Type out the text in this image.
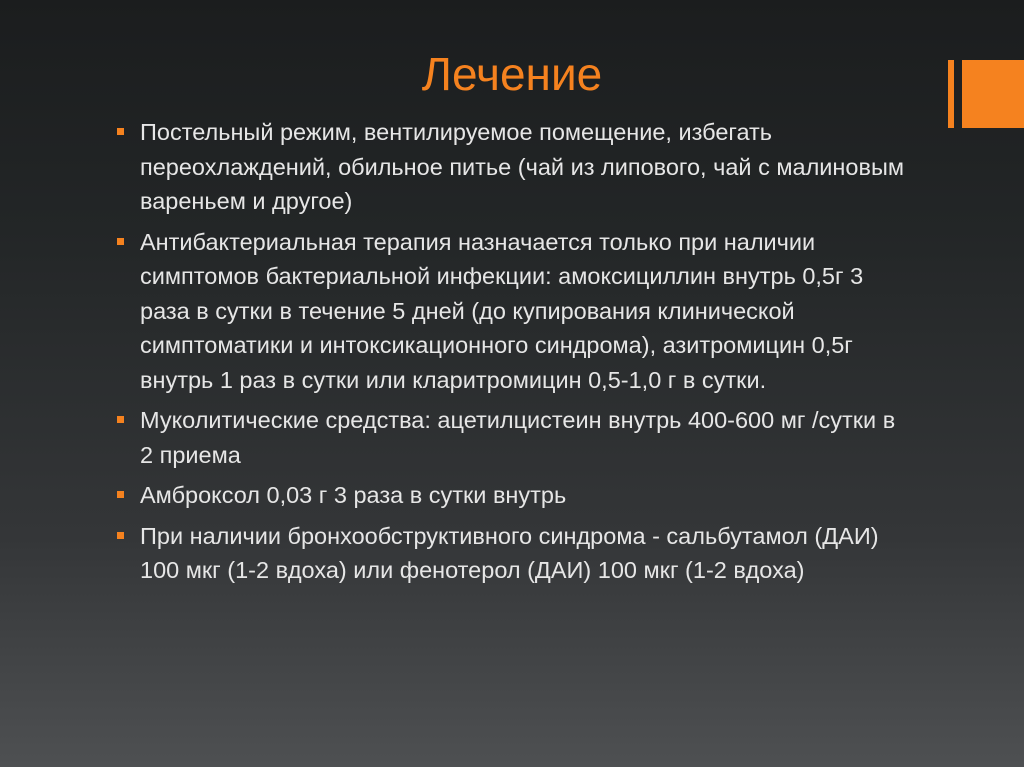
Лечение
Постельный режим, вентилируемое помещение, избегать переохлаждений, обильное питье (чай из липового, чай с малиновым вареньем и другое)
Антибактериальная терапия назначается только при наличии симптомов бактериальной инфекции: амоксициллин внутрь 0,5г 3 раза в сутки в течение 5 дней (до купирования клинической симптоматики и интоксикационного синдрома), азитромицин 0,5г внутрь 1 раз в сутки или кларитромицин 0,5-1,0 г в сутки.
Муколитические средства: ацетилцистеин внутрь 400-600 мг /сутки в 2 приема
Амброксол 0,03 г 3 раза в сутки внутрь
При наличии бронхообструктивного синдрома - сальбутамол (ДАИ) 100 мкг (1-2 вдоха) или фенотерол (ДАИ) 100 мкг (1-2 вдоха)
